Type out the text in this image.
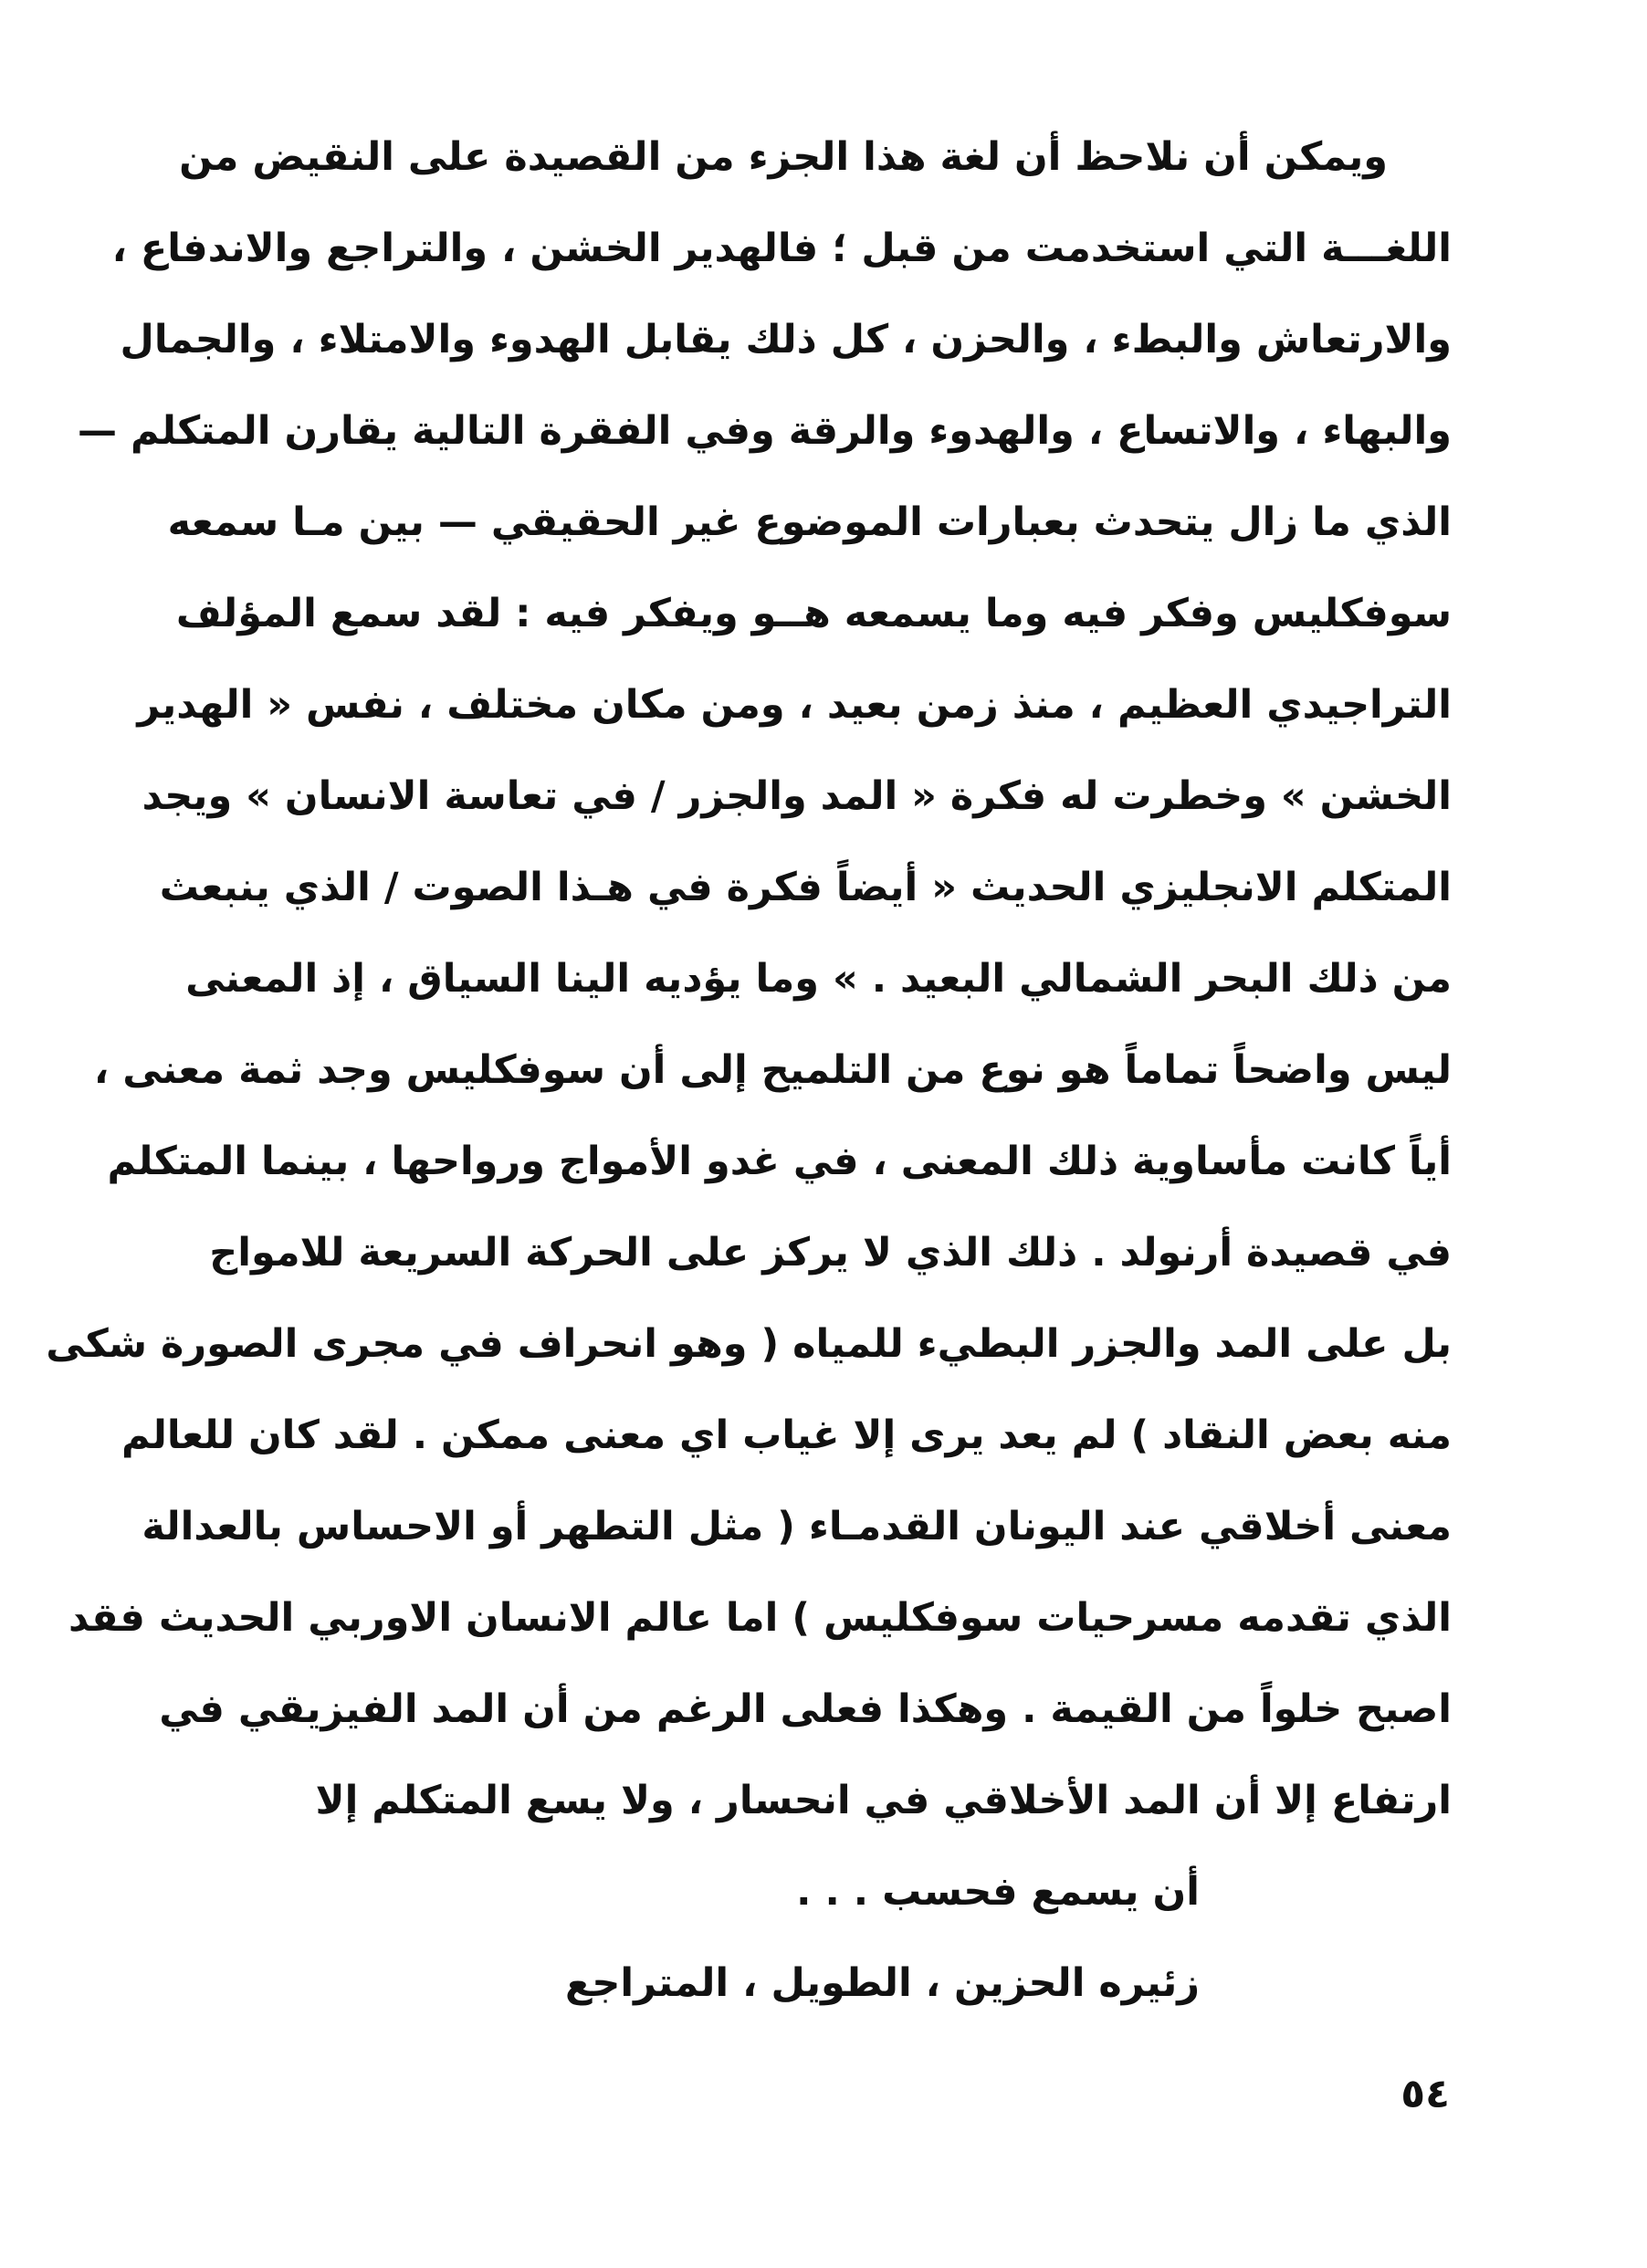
ويمكن أن نلاحظ أن لغة هذا الجزء من القصيدة على النقيض من
اللغـــة التي استخدمت من قبل ؛ فالهدير الخشن ، والتراجع والاندفاع ،
والارتعاش والبطء ، والحزن ، كل ذلك يقابل الهدوء والامتلاء ، والجمال
والبهاء ، والاتساع ، والهدوء والرقة وفي الفقرة التالية يقارن المتكلم —
الذي ما زال يتحدث بعبارات الموضوع غير الحقيقي — بين مـا سمعه
سوفكليس وفكر فيه وما يسمعه هــو ويفكر فيه : لقد سمع المؤلف
التراجيدي العظيم ، منذ زمن بعيد ، ومن مكان مختلف ، نفس « الهدير
الخشن » وخطرت له فكرة « المد والجزر / في تعاسة الانسان » ويجد
المتكلم الانجليزي الحديث « أيضاً فكرة في هـذا الصوت / الذي ينبعث
من ذلك البحر الشمالي البعيد . » وما يؤديه الينا السياق ، إذ المعنى
ليس واضحاً تماماً هو نوع من التلميح إلى أن سوفكليس وجد ثمة معنى ،
أياً كانت مأساوية ذلك المعنى ، في غدو الأمواج ورواحها ، بينما المتكلم
في قصيدة أرنولد . ذلك الذي لا يركز على الحركة السريعة للامواج
بل على المد والجزر البطيء للمياه ( وهو انحراف في مجرى الصورة شكى
منه بعض النقاد ) لم يعد يرى إلا غياب اي معنى ممكن . لقد كان للعالم
معنى أخلاقي عند اليونان القدمـاء ( مثل التطهر أو الاحساس بالعدالة
الذي تقدمه مسرحيات سوفكليس ) اما عالم الانسان الاوربي الحديث فقد
اصبح خلواً من القيمة . وهكذا فعلى الرغم من أن المد الفيزيقي في
ارتفاع إلا أن المد الأخلاقي في انحسار ، ولا يسع المتكلم إلا
أن يسمع فحسب . . .
زئيره الحزين ، الطويل ، المتراجع
٥٤
